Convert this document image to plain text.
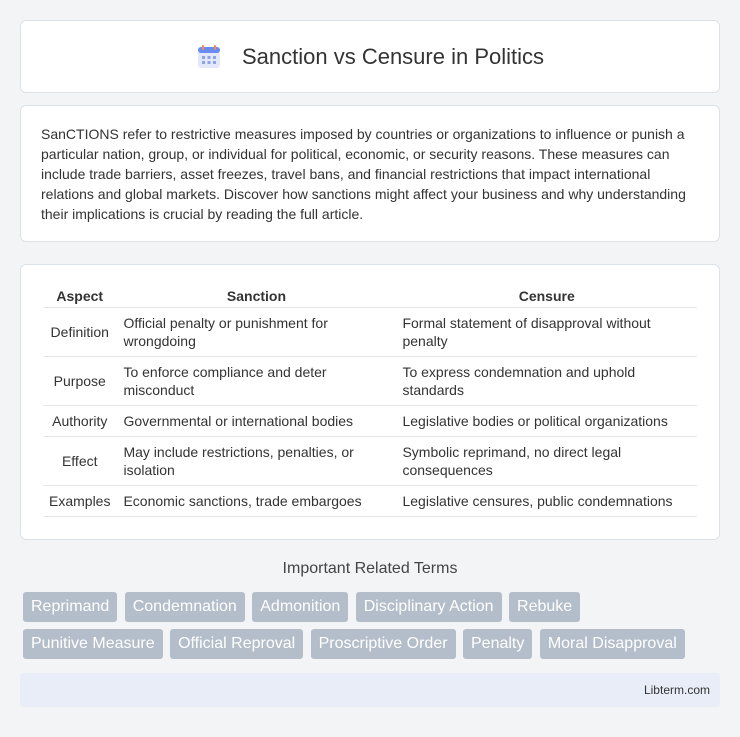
Sanction vs Censure in Politics

SanCTIONS refer to restrictive measures imposed by countries or organizations to influence or punish a particular nation, group, or individual for political, economic, or security reasons. These measures can include trade barriers, asset freezes, travel bans, and financial restrictions that impact international relations and global markets. Discover how sanctions might affect your business and why understanding their implications is crucial by reading the full article.

Aspect	Sanction	Censure
Definition	Official penalty or punishment for wrongdoing	Formal statement of disapproval without penalty
Purpose	To enforce compliance and deter misconduct	To express condemnation and uphold standards
Authority	Governmental or international bodies	Legislative bodies or political organizations
Effect	May include restrictions, penalties, or isolation	Symbolic reprimand, no direct legal consequences
Examples	Economic sanctions, trade embargoes	Legislative censures, public condemnations
Important Related Terms
Reprimand Condemnation Admonition Disciplinary Action Rebuke Punitive Measure Official Reproval Proscriptive Order Penalty Moral Disapproval
Libterm.com
